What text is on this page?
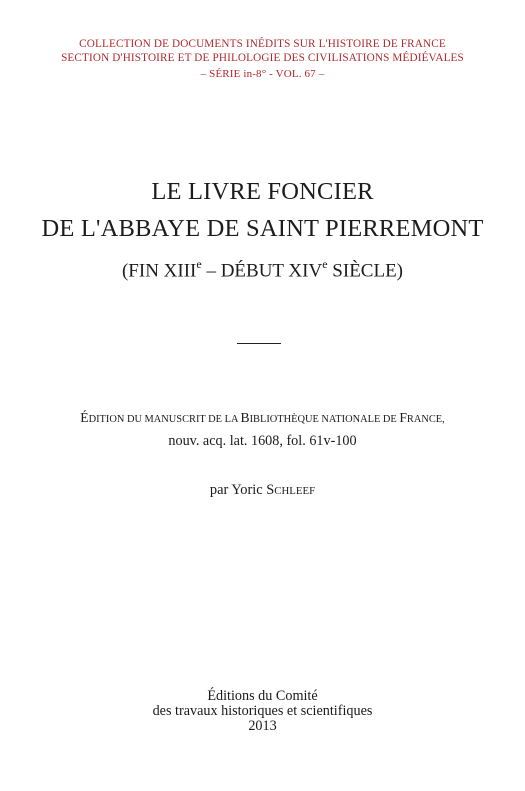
COLLECTION DE DOCUMENTS INÉDITS SUR L'HISTOIRE DE FRANCE
SECTION D'HISTOIRE ET DE PHILOLOGIE DES CIVILISATIONS MÉDIÉVALES
– SÉRIE in-8° - VOL. 67 –
LE LIVRE FONCIER
DE L'ABBAYE DE SAINT PIERREMONT
(FIN XIIIe – DÉBUT XIVe SIÈCLE)
ÉDITION DU MANUSCRIT DE LA BIBLIOTHÈQUE NATIONALE DE FRANCE,
nouv. acq. lat. 1608, fol. 61v-100
par Yoric SCHLEEF
Éditions du Comité
des travaux historiques et scientifiques
2013
